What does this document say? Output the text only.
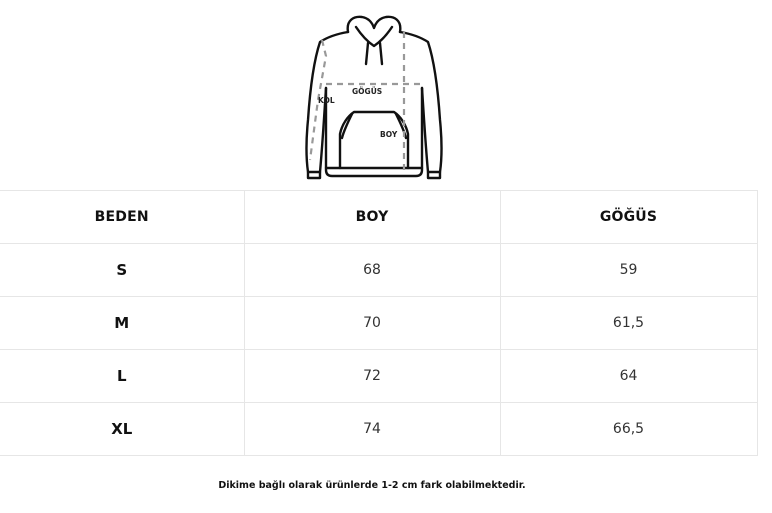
GÖGÜS
KOL
BOY
BEDEN	BOY	GÖĞÜS
S	68	59
M	70	61,5
L	72	64
XL	74	66,5
Dikime bağlı olarak ürünlerde 1-2 cm fark olabilmektedir.
